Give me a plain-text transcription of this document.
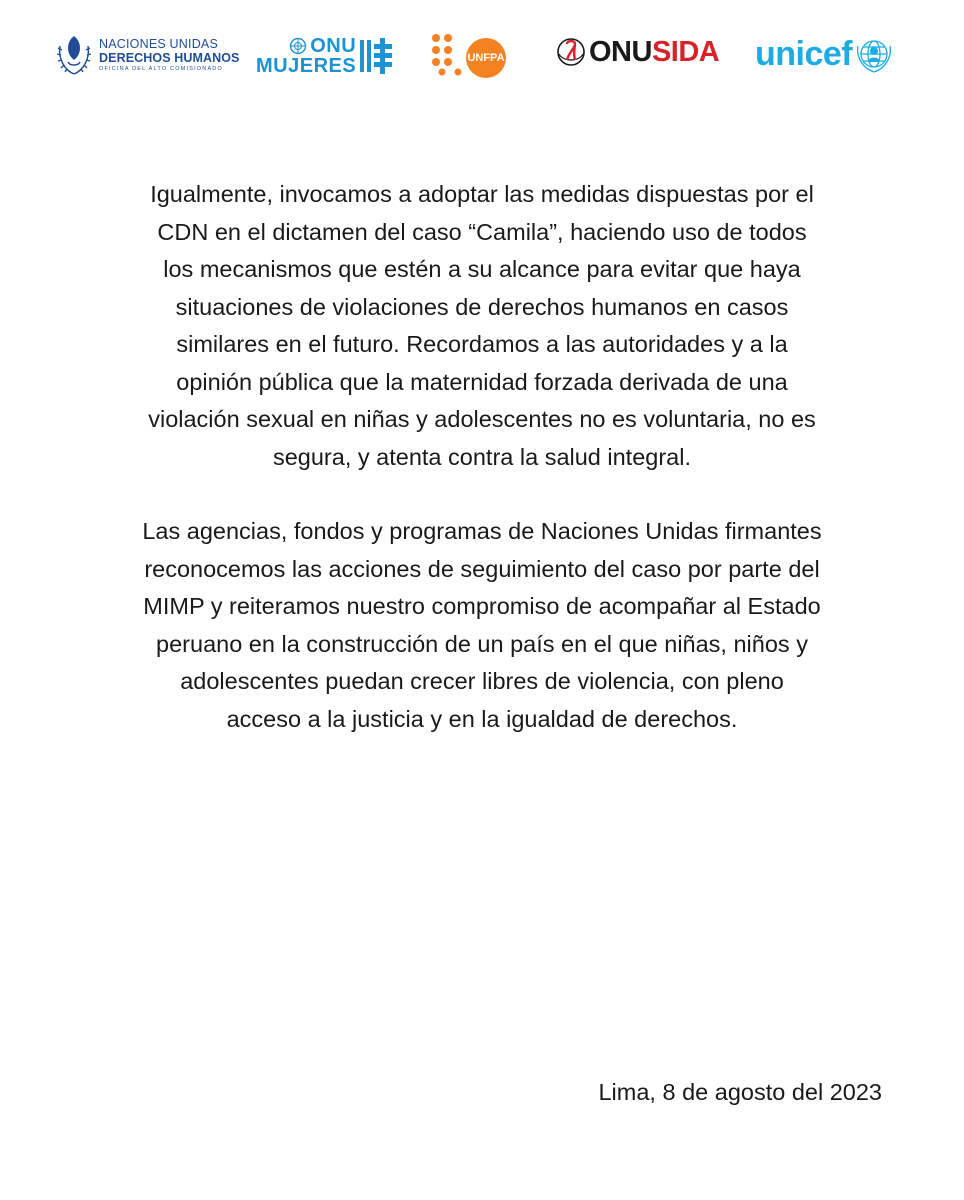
NACIONES UNIDAS
DERECHOS HUMANOS
OFICINA DEL ALTO COMISIONADO
ONU
MUJERES	UNFPA	ONUSIDA unicef

Igualmente, invocamos a adoptar las medidas dispuestas por el
CDN en el dictamen del caso “Camila”, haciendo uso de todos
los mecanismos que estén a su alcance para evitar que haya
situaciones de violaciones de derechos humanos en casos
similares en el futuro. Recordamos a las autoridades y a la
opinión pública que la maternidad forzada derivada de una
violación sexual en niñas y adolescentes no es voluntaria, no es
segura, y atenta contra la salud integral.

Las agencias, fondos y programas de Naciones Unidas firmantes
reconocemos las acciones de seguimiento del caso por parte del
MIMP y reiteramos nuestro compromiso de acompañar al Estado
peruano en la construcción de un país en el que niñas, niños y
adolescentes puedan crecer libres de violencia, con pleno
acceso a la justicia y en la igualdad de derechos.

Lima, 8 de agosto del 2023
